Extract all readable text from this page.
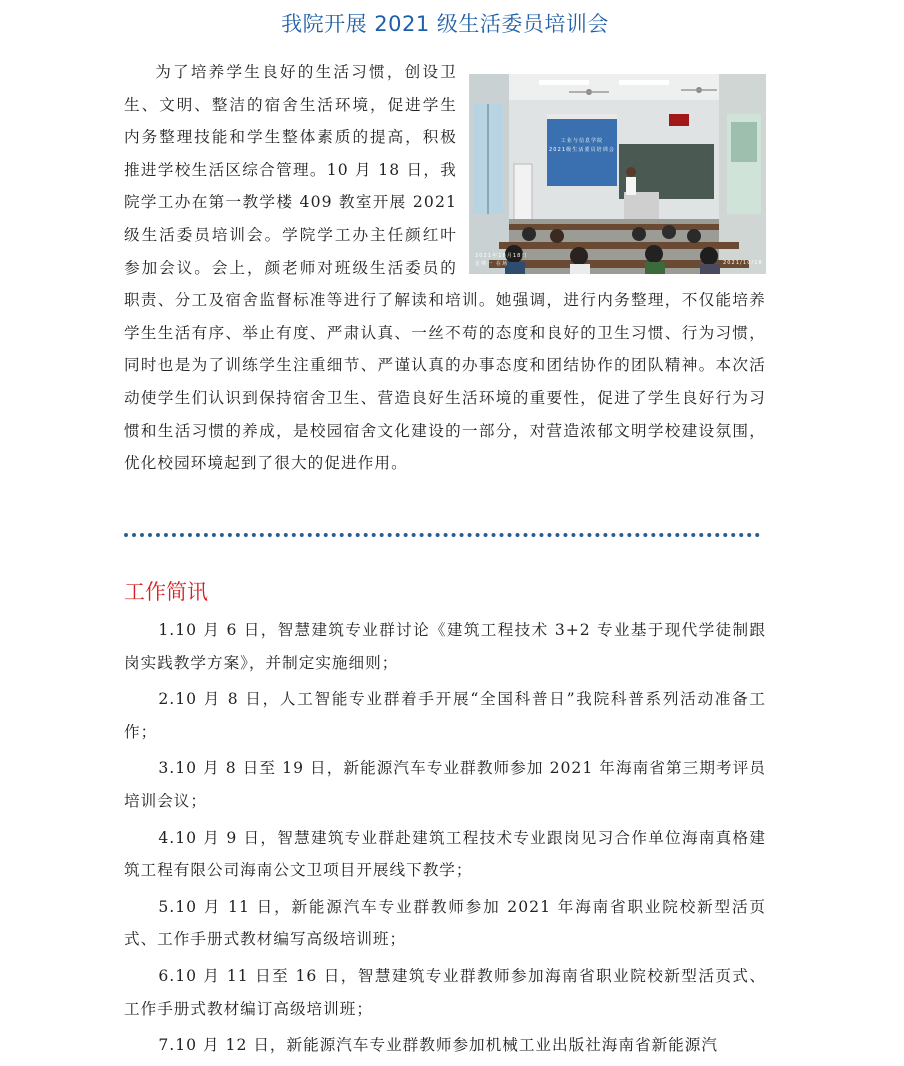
我院开展 2021 级生活委员培训会
工业与信息学院
2021级生活委员培训会
2021年10月18日
星期一 在场	2021/10/18 15:20

为了培养学生良好的生活习惯，创设卫生、文明、整洁的宿舍生活环境，促进学生内务整理技能和学生整体素质的提高，积极推进学校生活区综合管理。10 月 18 日，我院学工办在第一教学楼 409 教室开展 2021 级生活委员培训会。学院学工办主任颜红叶参加会议。会上，颜老师对班级生活委员的职责、分工及宿舍监督标准等进行了解读和培训。她强调，进行内务整理，不仅能培养学生生活有序、举止有度、严肃认真、一丝不苟的态度和良好的卫生习惯、行为习惯，同时也是为了训练学生注重细节、严谨认真的办事态度和团结协作的团队精神。本次活动使学生们认识到保持宿舍卫生、营造良好生活环境的重要性，促进了学生良好行为习惯和生活习惯的养成，是校园宿舍文化建设的一部分，对营造浓郁文明学校建设氛围，优化校园环境起到了很大的促进作用。

工作简讯

1.10 月 6 日，智慧建筑专业群讨论《建筑工程技术 3+2 专业基于现代学徒制跟岗实践教学方案》，并制定实施细则；

2.10 月 8 日，人工智能专业群着手开展“全国科普日”我院科普系列活动准备工作；

3.10 月 8 日至 19 日，新能源汽车专业群教师参加 2021 年海南省第三期考评员培训会议；

4.10 月 9 日，智慧建筑专业群赴建筑工程技术专业跟岗见习合作单位海南真格建筑工程有限公司海南公文卫项目开展线下教学；

5.10 月 11 日，新能源汽车专业群教师参加 2021 年海南省职业院校新型活页式、工作手册式教材编写高级培训班；

6.10 月 11 日至 16 日，智慧建筑专业群教师参加海南省职业院校新型活页式、工作手册式教材编订高级培训班；

7.10 月 12 日，新能源汽车专业群教师参加机械工业出版社海南省新能源汽
